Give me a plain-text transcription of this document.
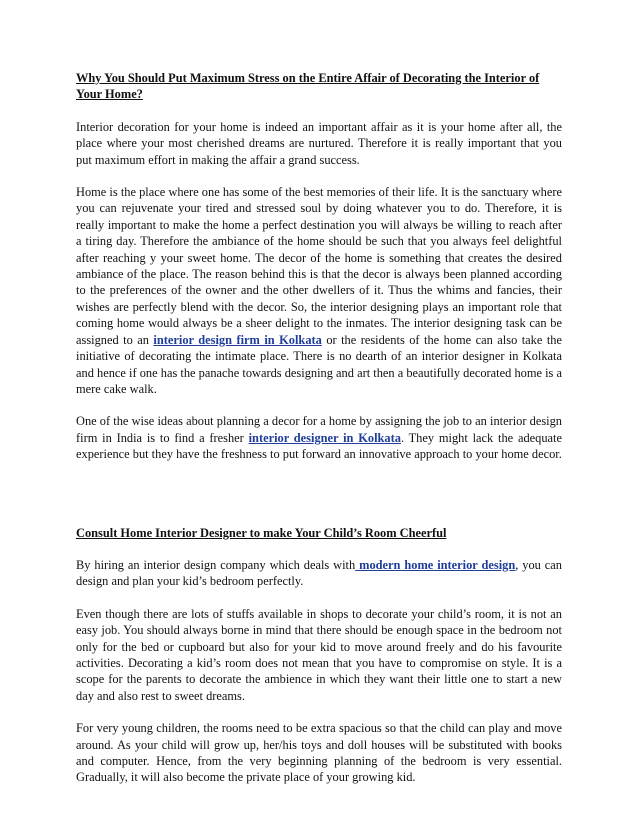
Why You Should Put Maximum Stress on the Entire Affair of Decorating the Interior of Your Home?

Interior decoration for your home is indeed an important affair as it is your home after all, the place where your most cherished dreams are nurtured. Therefore it is really important that you put maximum effort in making the affair a grand success.

Home is the place where one has some of the best memories of their life. It is the sanctuary where you can rejuvenate your tired and stressed soul by doing whatever you to do. Therefore, it is really important to make the home a perfect destination you will always be willing to reach after a tiring day. Therefore the ambiance of the home should be such that you always feel delightful after reaching y your sweet home. The decor of the home is something that creates the desired ambiance of the place. The reason behind this is that the decor is always been planned according to the preferences of the owner and the other dwellers of it. Thus the whims and fancies, their wishes are perfectly blend with the decor. So, the interior designing plays an important role that coming home would always be a sheer delight to the inmates. The interior designing task can be assigned to an interior design firm in Kolkata or the residents of the home can also take the initiative of decorating the intimate place. There is no dearth of an interior designer in Kolkata and hence if one has the panache towards designing and art then a beautifully decorated home is a mere cake walk.

One of the wise ideas about planning a decor for a home by assigning the job to an interior design firm in India is to find a fresher interior designer in Kolkata. They might lack the adequate experience but they have the freshness to put forward an innovative approach to your home decor.

Consult Home Interior Designer to make Your Child’s Room Cheerful

By hiring an interior design company which deals with modern home interior design, you can design and plan your kid’s bedroom perfectly.

Even though there are lots of stuffs available in shops to decorate your child’s room, it is not an easy job. You should always borne in mind that there should be enough space in the bedroom not only for the bed or cupboard but also for your kid to move around freely and do his favourite activities. Decorating a kid’s room does not mean that you have to compromise on style. It is a scope for the parents to decorate the ambience in which they want their little one to start a new day and also rest to sweet dreams.

For very young children, the rooms need to be extra spacious so that the child can play and move around. As your child will grow up, her/his toys and doll houses will be substituted with books and computer. Hence, from the very beginning planning of the bedroom is very essential. Gradually, it will also become the private place of your growing kid.
